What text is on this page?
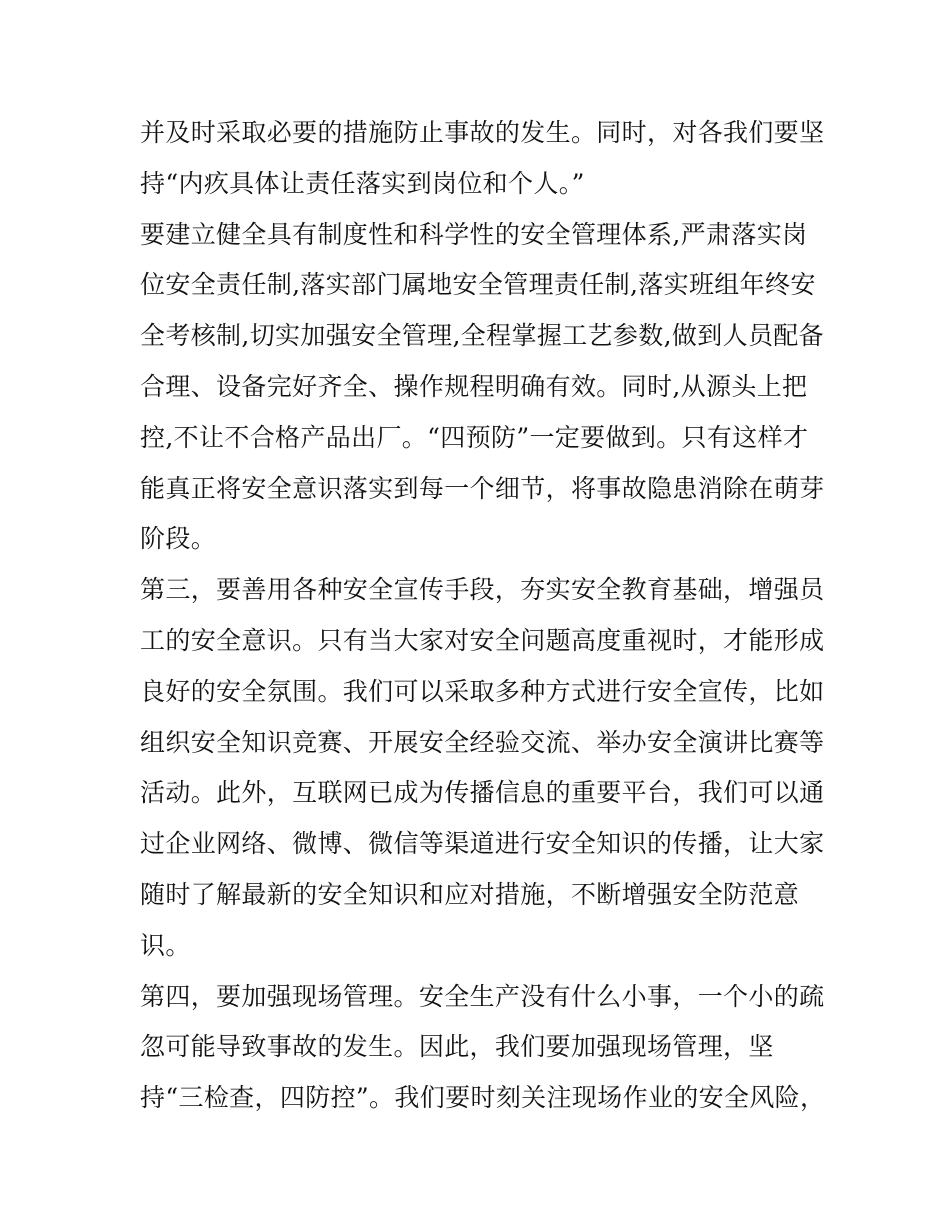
并及时采取必要的措施防止事故的发生。同时，对各我们要坚
持“内疚具体让责任落实到岗位和个人。”
要建立健全具有制度性和科学性的安全管理体系,严肃落实岗
位安全责任制,落实部门属地安全管理责任制,落实班组年终安
全考核制,切实加强安全管理,全程掌握工艺参数,做到人员配备
合理、设备完好齐全、操作规程明确有效。同时,从源头上把
控,不让不合格产品出厂。“四预防”一定要做到。只有这样才
能真正将安全意识落实到每一个细节，将事故隐患消除在萌芽
阶段。
第三，要善用各种安全宣传手段，夯实安全教育基础，增强员
工的安全意识。只有当大家对安全问题高度重视时，才能形成
良好的安全氛围。我们可以采取多种方式进行安全宣传，比如
组织安全知识竞赛、开展安全经验交流、举办安全演讲比赛等
活动。此外，互联网已成为传播信息的重要平台，我们可以通
过企业网络、微博、微信等渠道进行安全知识的传播，让大家
随时了解最新的安全知识和应对措施，不断增强安全防范意
识。
第四，要加强现场管理。安全生产没有什么小事，一个小的疏
忽可能导致事故的发生。因此，我们要加强现场管理，坚
持“三检查，四防控”。我们要时刻关注现场作业的安全风险，
